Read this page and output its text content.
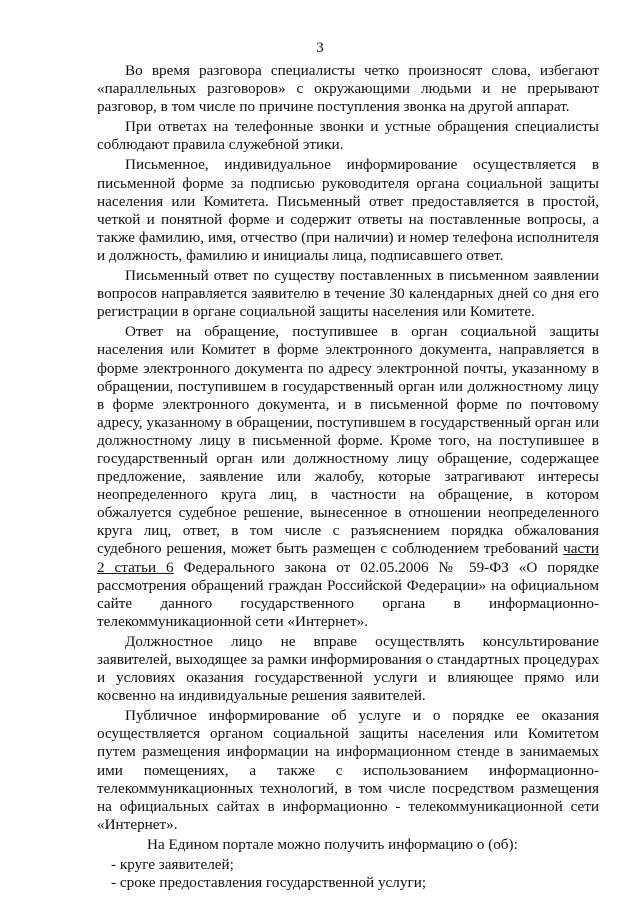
3

Во время разговора специалисты четко произносят слова, избегают «параллельных разговоров» с окружающими людьми и не прерывают разговор, в том числе по причине поступления звонка на другой аппарат.

При ответах на телефонные звонки и устные обращения специалисты соблюдают правила служебной этики.

Письменное, индивидуальное информирование осуществляется в письменной форме за подписью руководителя органа социальной защиты населения или Комитета. Письменный ответ предоставляется в простой, четкой и понятной форме и содержит ответы на поставленные вопросы, а также фамилию, имя, отчество (при наличии) и номер телефона исполнителя и должность, фамилию и инициалы лица, подписавшего ответ.

Письменный ответ по существу поставленных в письменном заявлении вопросов направляется заявителю в течение 30 календарных дней со дня его регистрации в органе социальной защиты населения или Комитете.

Ответ на обращение, поступившее в орган социальной защиты населения или Комитет в форме электронного документа, направляется в форме электронного документа по адресу электронной почты, указанному в обращении, поступившем в государственный орган или должностному лицу в форме электронного документа, и в письменной форме по почтовому адресу, указанному в обращении, поступившем в государственный орган или должностному лицу в письменной форме. Кроме того, на поступившее в государственный орган или должностному лицу обращение, содержащее предложение, заявление или жалобу, которые затрагивают интересы неопределенного круга лиц, в частности на обращение, в котором обжалуется судебное решение, вынесенное в отношении неопределенного круга лиц, ответ, в том числе с разъяснением порядка обжалования судебного решения, может быть размещен с соблюдением требований части 2 статьи 6 Федерального закона от 02.05.2006 № 59-ФЗ «О порядке рассмотрения обращений граждан Российской Федерации» на официальном сайте данного государственного органа в информационно-телекоммуникационной сети «Интернет».

Должностное лицо не вправе осуществлять консультирование заявителей, выходящее за рамки информирования о стандартных процедурах и условиях оказания государственной услуги и влияющее прямо или косвенно на индивидуальные решения заявителей.

Публичное информирование об услуге и о порядке ее оказания осуществляется органом социальной защиты населения или Комитетом путем размещения информации на информационном стенде в занимаемых ими помещениях, а также с использованием информационно-телекоммуникационных технологий, в том числе посредством размещения на официальных сайтах в информационно - телекоммуникационной сети «Интернет».

На Едином портале можно получить информацию о (об):

- круге заявителей;

- сроке предоставления государственной услуги;
